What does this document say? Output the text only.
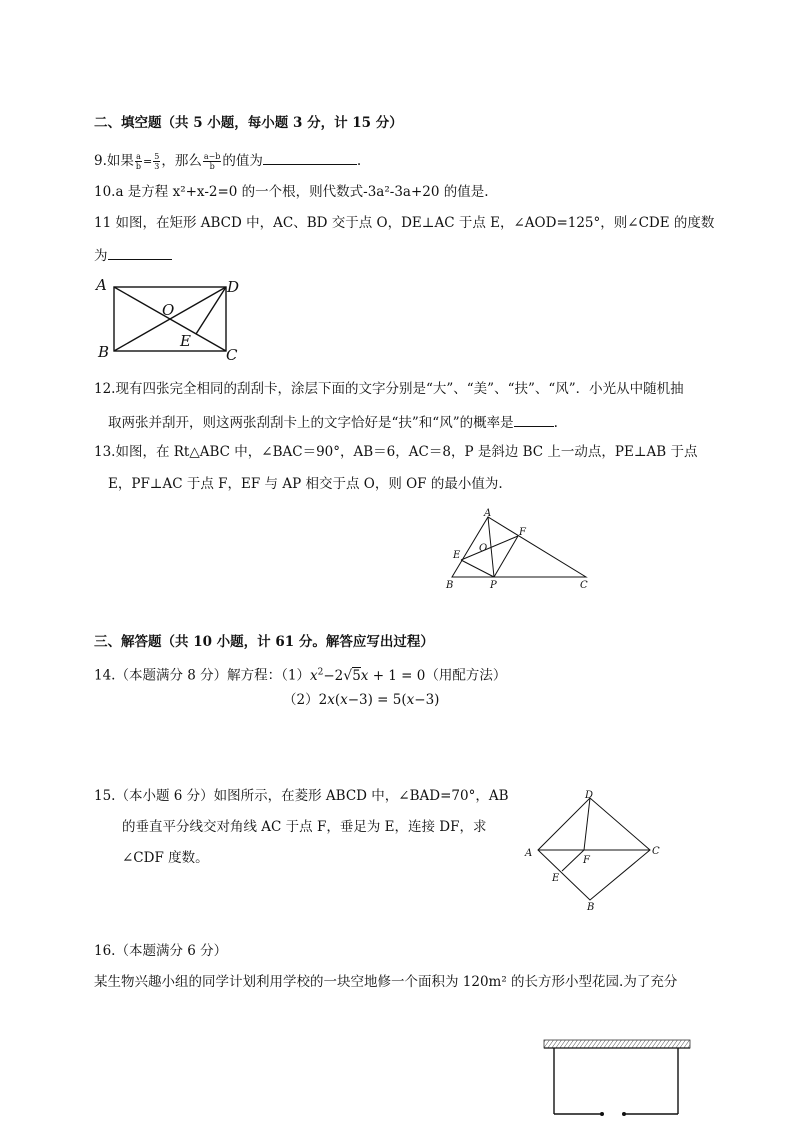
二、填空题（共 5 小题，每小题 3 分，计 15 分）
9.如果 $\frac{a}{b} = \frac{5}{3}$ ，那么 $\frac{a-b}{b}$ 的值为	.
10.a 是方程 x²+x-2=0 的一个根，则代数式-3a²-3a+20 的值是.
11 如图，在矩形 ABCD 中，AC、BD 交于点 O，DE⊥AC 于点 E，∠AOD=125°，则∠CDE 的度数
为
A
B	C
D
O
E
12.现有四张完全相同的刮刮卡，涂层下面的文字分别是“大”、“美”、“扶”、“风”．小光从中随机抽
取两张并刮开，则这两张刮刮卡上的文字恰好是“扶”和“风”的概率是	.
13.如图，在 Rt△ABC 中，∠BAC＝90°，AB＝6，AC＝8，P 是斜边 BC 上一动点，PE⊥AB 于点
E，PF⊥AC 于点 F，EF 与 AP 相交于点 O，则 OF 的最小值为.
A
B	C
P
E
F
O
三、解答题（共 10 小题，计 61 分。解答应写出过程）
14.（本题满分 8 分）解方程：$(1)x^2-2√5x + 1 = 0$（用配方法）
（2）2x(x−3) = 5(x−3)
15.（本小题 6 分）如图所示，在菱形 ABCD 中，∠BAD=70°，AB
的垂直平分线交对角线 AC 于点 F，垂足为 E，连接 DF，求
∠CDF 度数。	A
B
C
D
E
F
16.（本题满分 6 分）
某生物兴趣小组的同学计划利用学校的一块空地修一个面积为 120m² 的长方形小型花园.为了充分
